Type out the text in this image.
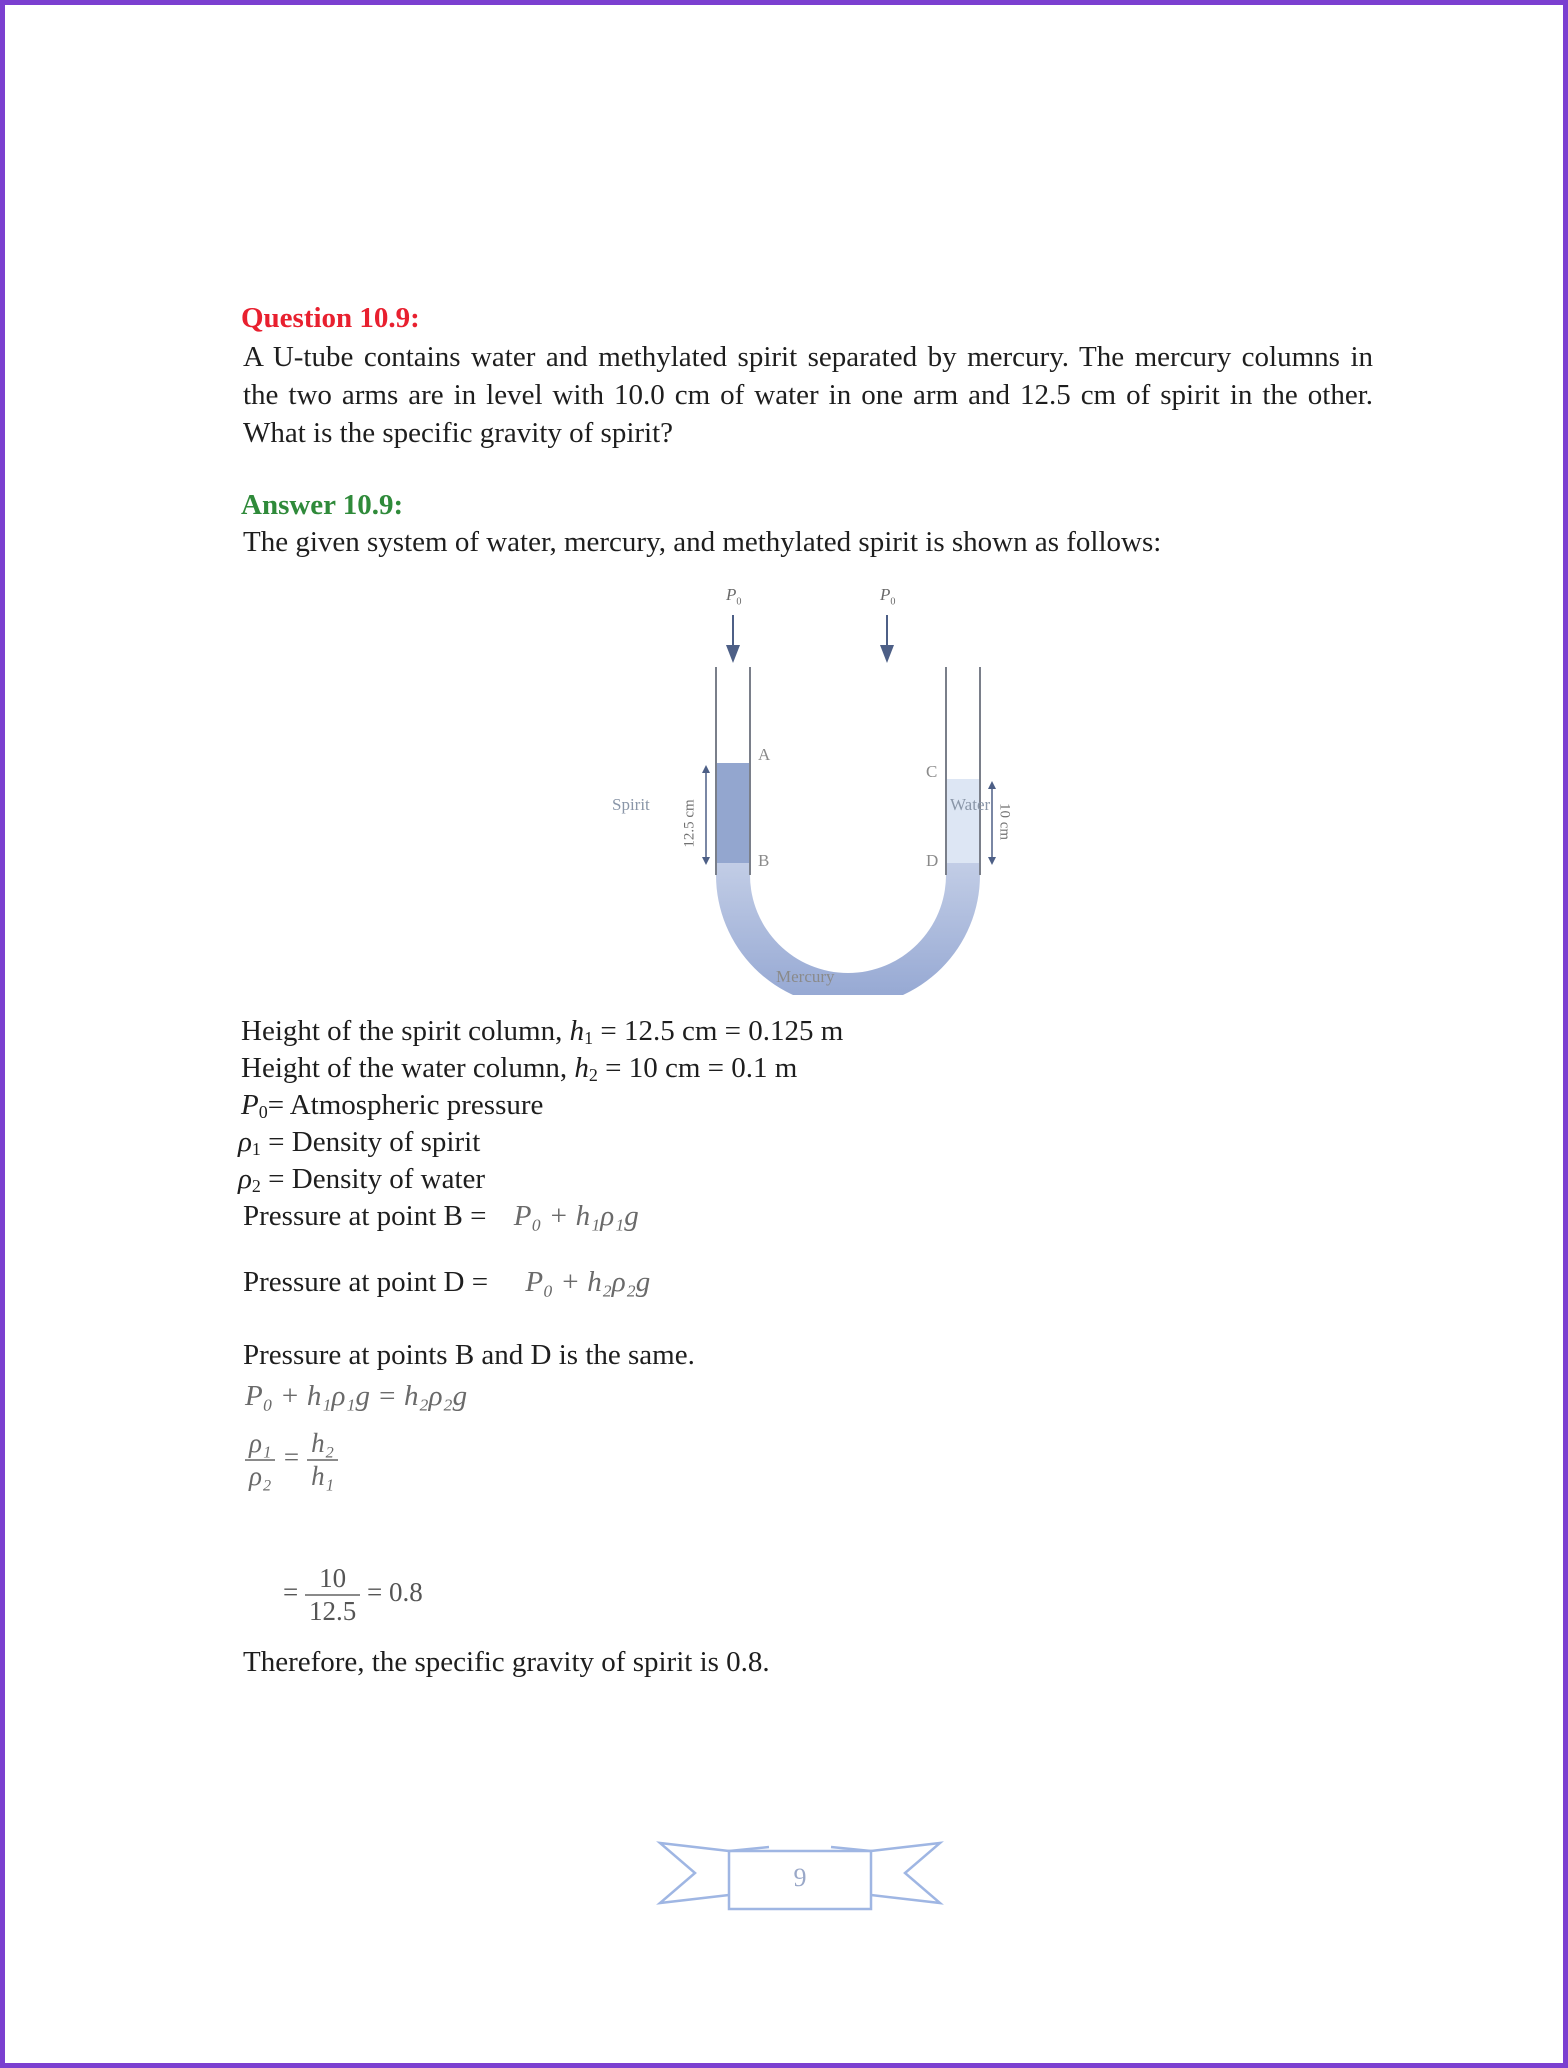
Question 10.9:
A U-tube contains water and methylated spirit separated by mercury. The mercury columns in the two arms are in level with 10.0 cm of water in one arm and 12.5 cm of spirit in the other. What is the specific gravity of spirit?
Answer 10.9:
The given system of water, mercury, and methylated spirit is shown as follows:
$P_0$	$P_0$
A
B
C
D
Spirit	Water
12.5 cm	10 cm
Mercury
Height of the spirit column, $h_1 = 12.5$ cm = 0.125 m
Height of the water column, $h_2 = 10$ cm = 0.1 m
$P_0=$ Atmospheric pressure
$\rho_1$ = Density of spirit
$\rho_2$ = Density of water
Pressure at point B = P₀ + h₁ρ₁g
Pressure at point D = P₀ + h₂ρ₂g
Pressure at points B and D is the same.
P₀ + h₁ρ₁g = h₂ρ₂g
$\frac{\text{ρ₁}}{\text{ρ₂}} = \frac{\text{h₂}}{\text{h₁}}$
= $\frac{10}{12.5} = 0.8$
Therefore, the specific gravity of spirit is 0.8.
9
